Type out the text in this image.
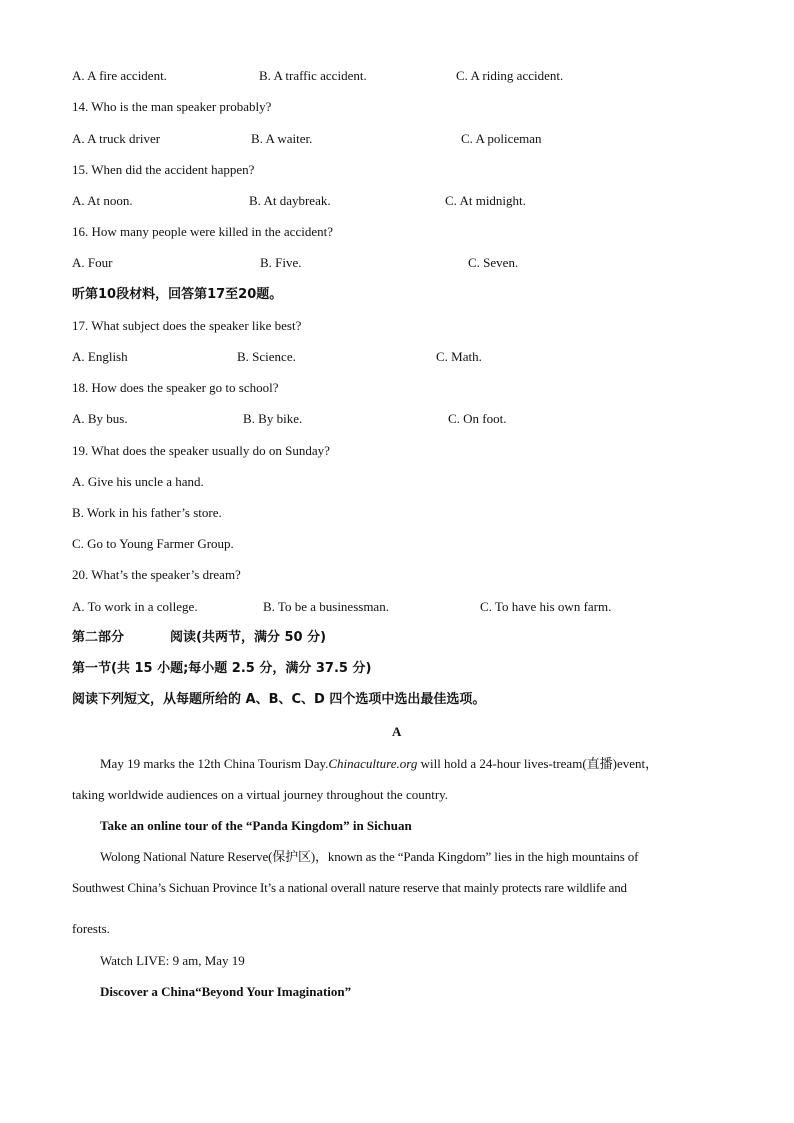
A. A fire accident.	B. A traffic accident.	C. A riding accident.
14. Who is the man speaker probably?
A. A truck driver	B. A waiter.	C. A policeman
15. When did the accident happen?
A. At noon.	B. At daybreak.	C. At midnight.
16. How many people were killed in the accident?
A. Four	B. Five.	C. Seven.
听第10段材料，回答第17至20题。
17. What subject does the speaker like best?
A. English	B. Science.	C. Math.
18. How does the speaker go to school?
A. By bus.	B. By bike.	C. On foot.
19. What does the speaker usually do on Sunday?
A. Give his uncle a hand.
B. Work in his father’s store.
C. Go to Young Farmer Group.
20. What’s the speaker’s dream?
A. To work in a college.	B. To be a businessman.	C. To have his own farm.
第二部分	阅读(共两节，满分 50 分)
第一节(共 15 小题;每小题 2.5 分，满分 37.5 分)
阅读下列短文，从每题所给的 A、B、C、D 四个选项中选出最佳选项。
A
May 19 marks the 12th China Tourism Day.Chinaculture.org will hold a 24-hour lives-tream(直播)event，
taking worldwide audiences on a virtual journey throughout the country.
Take an online tour of the “Panda Kingdom” in Sichuan
Wolong National Nature Reserve(保护区)，known as the “Panda Kingdom” lies in the high mountains of
Southwest China’s Sichuan Province It’s a national overall nature reserve that mainly protects rare wildlife and
forests.
Watch LIVE: 9 am, May 19
Discover a China“Beyond Your Imagination”
